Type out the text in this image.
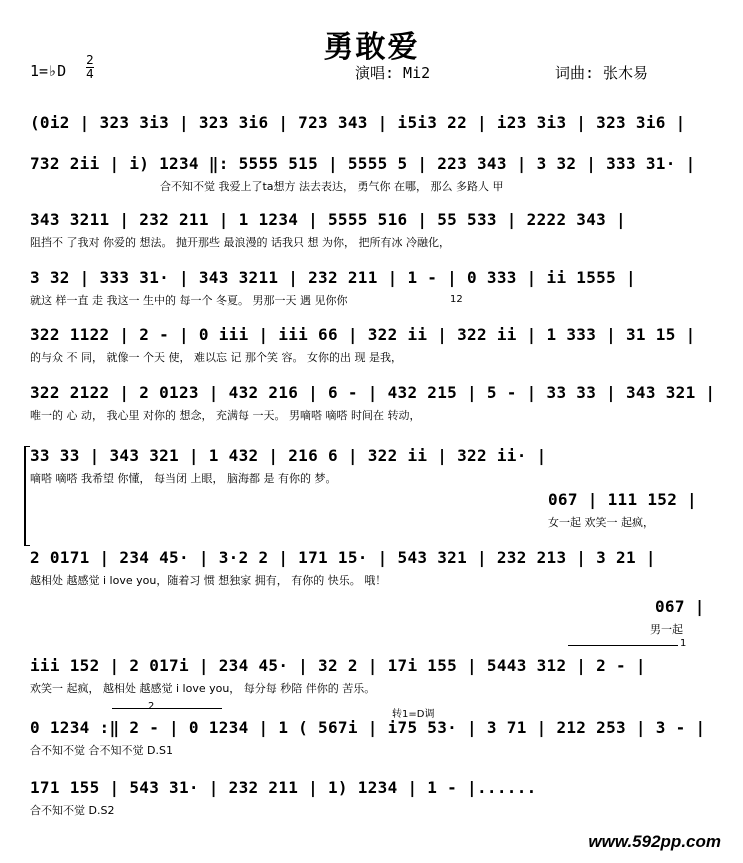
勇敢爱
1=♭D
2
4	演唱: Mi2	词曲: 张木易
(0i2 | 323 3i3 | 323 3i6 | 723 343 | i5i3 22 | i23 3i3 | 323 3i6 |
732 2ii | i) 1234 ‖: 5555 515 | 5555 5 | 223 343 | 3 32 | 333 31· |
合不知不觉 我爱上了ta想方 法去表达， 勇气你 在哪， 那么 多路人 甲
343 3211 | 232 211 | 1 1234 | 5555 516 | 55 533 | 2222 343 |
阻挡不 了我对 你爱的 想法。 抛开那些 最浪漫的 话我只 想 为你， 把所有冰 冷融化，
3 32 | 333 31· | 343 3211 | 232 211 | 1 - | 0 333 | ii 1555 |
就这 样一直 走 我这一 生中的 每一个 冬夏。 男那一天 遇 见你你	12
322 1122 | 2 - | 0 iii | iii 66 | 322 ii | 322 ii | 1 333 | 31 15 |
的与众 不 同， 就像一 个天 使， 难以忘 记 那个笑 容。 女你的出 现 是我，
322 2122 | 2 0123 | 432 216 | 6 - | 432 215 | 5 - | 33 33 | 343 321 |
唯一的 心 动， 我心里 对你的 想念， 充满每 一天。 男嘀嗒 嘀嗒 时间在 转动，
33 33 | 343 321 | 1 432 | 216 6 | 322 ii | 322 ii· |
嘀嗒 嘀嗒 我希望 你懂， 每当闭 上眼， 脑海都 是 有你的 梦。
067 | 111 152 |
女一起 欢笑一 起疯，
2 0171 | 234 45· | 3·2 2 | 171 15· | 543 321 | 232 213 | 3 21 |
越相处 越感觉 i love you，随着习 惯 想独家 拥有， 有你的 快乐。 哦！
067 |
男一起
1
iii 152 | 2 017i | 234 45· | 32 2 | 17i 155 | 5443 312 | 2 - |
欢笑一 起疯， 越相处 越感觉 i love you， 每分每 秒陪 伴你的 苦乐。
2
转1=D调
0 1234 :‖ 2 - | 0 1234 | 1 ( 567i | i75 53· | 3 71 | 212 253 | 3 - |
合不知不觉 合不知不觉 D.S1
171 155 | 543 31· | 232 211 | 1) 1234 | 1 - |......
合不知不觉 D.S2
www.592pp.com
